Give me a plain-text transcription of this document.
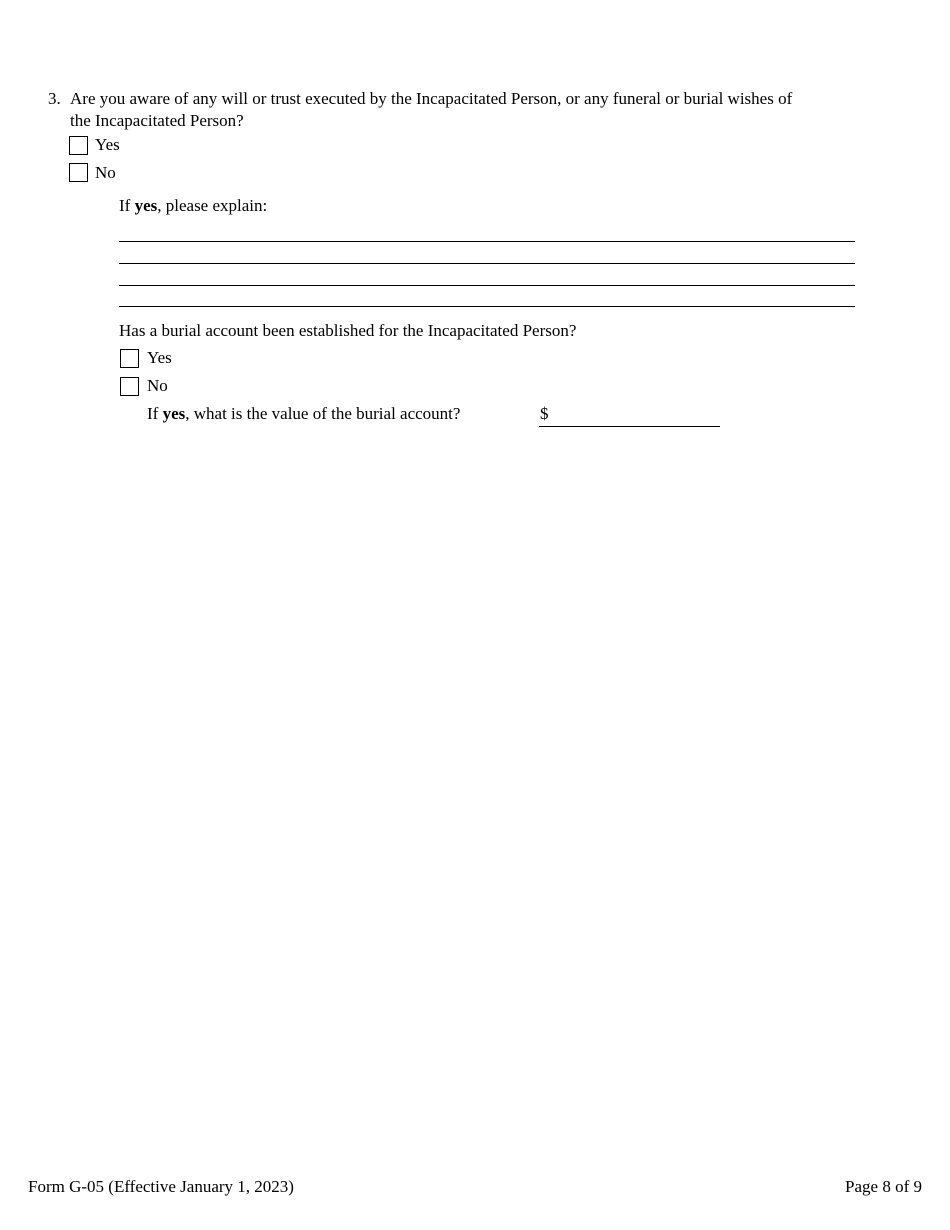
3. Are you aware of any will or trust executed by the Incapacitated Person, or any funeral or burial wishes of
the Incapacitated Person?
Yes
No
If yes, please explain:
Has a burial account been established for the Incapacitated Person?
Yes
No
If yes, what is the value of the burial account?	$
Form G-05 (Effective January 1, 2023)	Page 8 of 9
